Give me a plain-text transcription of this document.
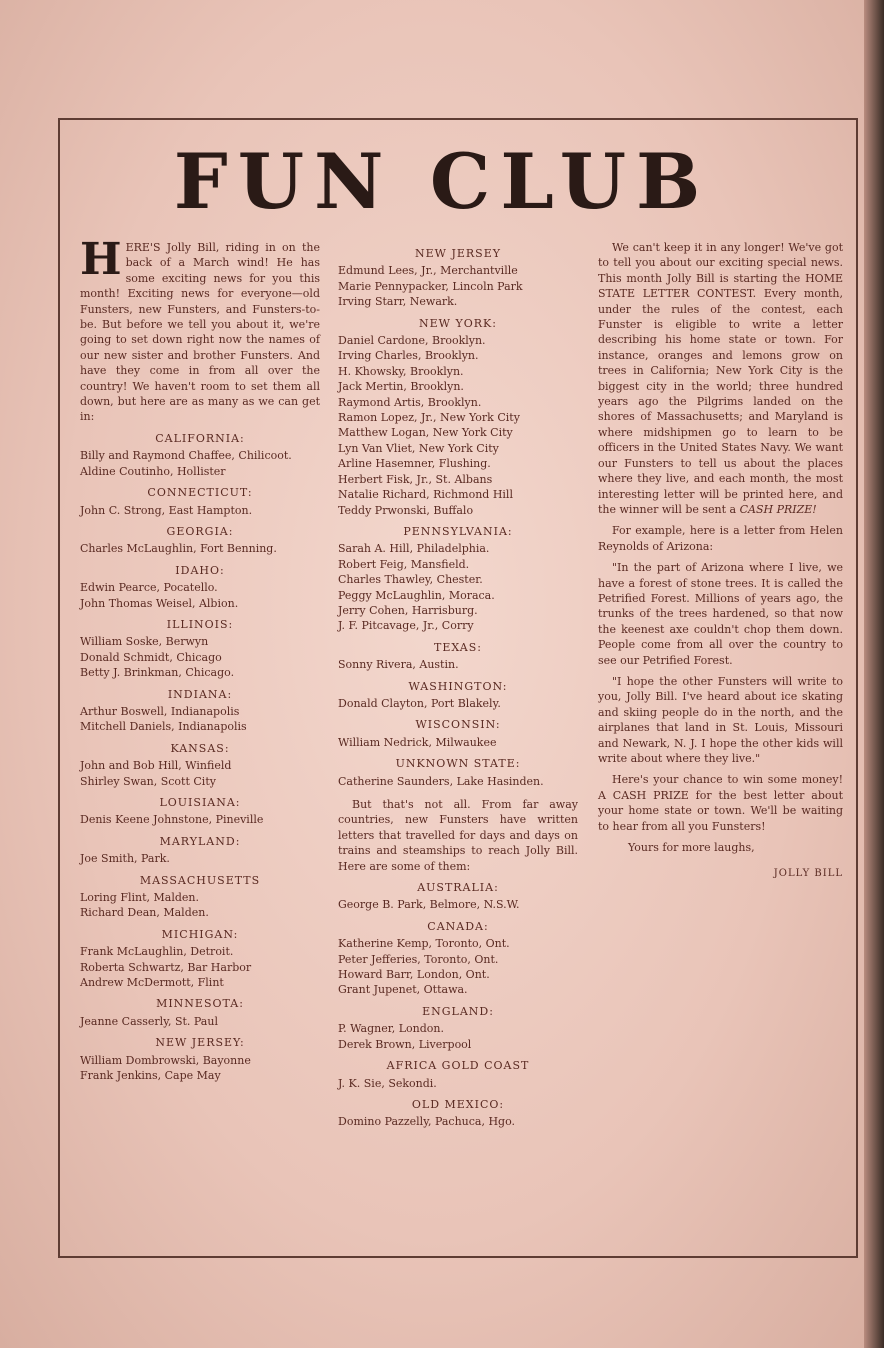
FUN CLUB

HERE'S Jolly Bill, riding in on the back of a March wind! He has some exciting news for you this month! Exciting news for everyone—old Funsters, new Funsters, and Funsters-to-be. But before we tell you about it, we're going to set down right now the names of our new sister and brother Funsters. And have they come in from all over the country! We haven't room to set them all down, but here are as many as we can get in:

CALIFORNIA:
Billy and Raymond Chaffee, Chilicoot.
Aldine Coutinho, Hollister
CONNECTICUT:
John C. Strong, East Hampton.
GEORGIA:
Charles McLaughlin, Fort Benning.
IDAHO:
Edwin Pearce, Pocatello.
John Thomas Weisel, Albion.
ILLINOIS:
William Soske, Berwyn
Donald Schmidt, Chicago
Betty J. Brinkman, Chicago.
INDIANA:
Arthur Boswell, Indianapolis
Mitchell Daniels, Indianapolis
KANSAS:
John and Bob Hill, Winfield
Shirley Swan, Scott City
LOUISIANA:
Denis Keene Johnstone, Pineville
MARYLAND:
Joe Smith, Park.
MASSACHUSETTS
Loring Flint, Malden.
Richard Dean, Malden.
MICHIGAN:
Frank McLaughlin, Detroit.
Roberta Schwartz, Bar Harbor
Andrew McDermott, Flint
MINNESOTA:
Jeanne Casserly, St. Paul
NEW JERSEY:
William Dombrowski, Bayonne
Frank Jenkins, Cape May
NEW JERSEY
Edmund Lees, Jr., Merchantville
Marie Pennypacker, Lincoln Park
Irving Starr, Newark.
NEW YORK:
Daniel Cardone, Brooklyn.
Irving Charles, Brooklyn.
H. Khowsky, Brooklyn.
Jack Mertin, Brooklyn.
Raymond Artis, Brooklyn.
Ramon Lopez, Jr., New York City
Matthew Logan, New York City
Lyn Van Vliet, New York City
Arline Hasemner, Flushing.
Herbert Fisk, Jr., St. Albans
Natalie Richard, Richmond Hill
Teddy Prwonski, Buffalo
PENNSYLVANIA:
Sarah A. Hill, Philadelphia.
Robert Feig, Mansfield.
Charles Thawley, Chester.
Peggy McLaughlin, Moraca.
Jerry Cohen, Harrisburg.
J. F. Pitcavage, Jr., Corry
TEXAS:
Sonny Rivera, Austin.
WASHINGTON:
Donald Clayton, Port Blakely.
WISCONSIN:
William Nedrick, Milwaukee
UNKNOWN STATE:
Catherine Saunders, Lake Hasinden.

But that's not all. From far away countries, new Funsters have written letters that travelled for days and days on trains and steamships to reach Jolly Bill. Here are some of them:

AUSTRALIA:
George B. Park, Belmore, N.S.W.
CANADA:
Katherine Kemp, Toronto, Ont.
Peter Jefferies, Toronto, Ont.
Howard Barr, London, Ont.
Grant Jupenet, Ottawa.
ENGLAND:
P. Wagner, London.
Derek Brown, Liverpool
AFRICA GOLD COAST
J. K. Sie, Sekondi.
OLD MEXICO:
Domino Pazzelly, Pachuca, Hgo.

We can't keep it in any longer! We've got to tell you about our exciting special news. This month Jolly Bill is starting the HOME STATE LETTER CONTEST. Every month, under the rules of the contest, each Funster is eligible to write a letter describing his home state or town. For instance, oranges and lemons grow on trees in California; New York City is the biggest city in the world; three hundred years ago the Pilgrims landed on the shores of Massachusetts; and Maryland is where midshipmen go to learn to be officers in the United States Navy. We want our Funsters to tell us about the places where they live, and each month, the most interesting letter will be printed here, and the winner will be sent a CASH PRIZE!

For example, here is a letter from Helen Reynolds of Arizona:

"In the part of Arizona where I live, we have a forest of stone trees. It is called the Petrified Forest. Millions of years ago, the trunks of the trees hardened, so that now the keenest axe couldn't chop them down. People come from all over the country to see our Petrified Forest.

"I hope the other Funsters will write to you, Jolly Bill. I've heard about ice skating and skiing people do in the north, and the airplanes that land in St. Louis, Missouri and Newark, N. J. I hope the other kids will write about where they live."

Here's your chance to win some money! A CASH PRIZE for the best letter about your home state or town. We'll be waiting to hear from all you Funsters!

Yours for more laughs,

JOLLY BILL
